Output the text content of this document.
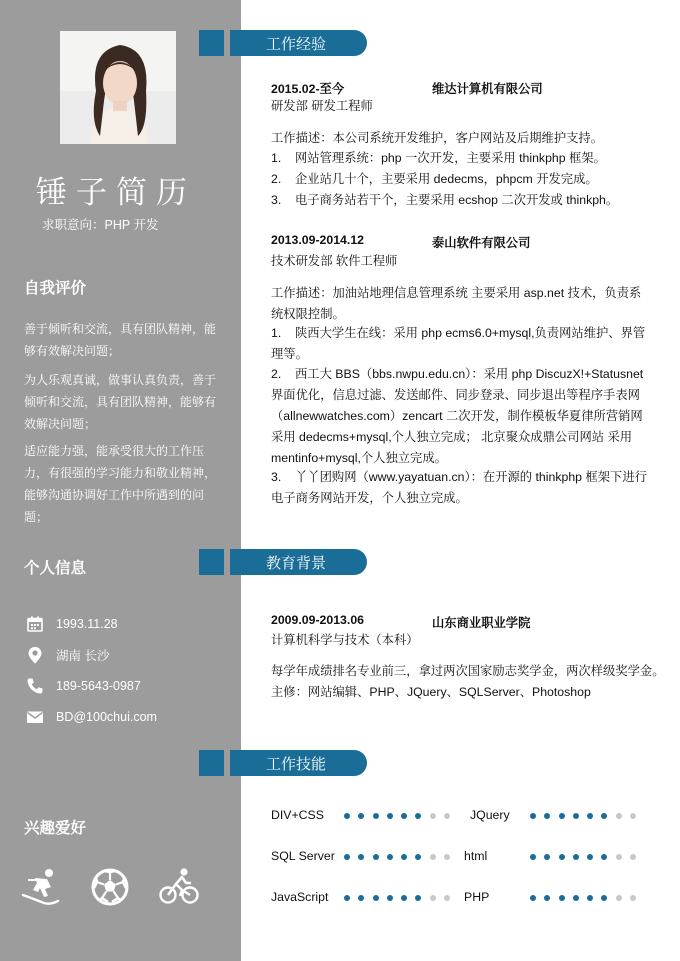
锤子简历
求职意向：PHP 开发
自我评价
善于倾听和交流，具有团队精神，能够有效解决问题；
为人乐观真诚，做事认真负责，善于倾听和交流，具有团队精神，能够有效解决问题；
适应能力强，能承受很大的工作压力，有很强的学习能力和敬业精神，能够沟通协调好工作中所遇到的问题；
个人信息
1993.11.28
湖南 长沙
189-5643-0987
BD@100chui.com
兴趣爱好
工作经验
2015.02-至今	维达计算机有限公司
研发部 研发工程师
工作描述：本公司系统开发维护，客户网站及后期维护支持。
1. 网站管理系统：php 一次开发，主要采用 thinkphp 框架。
2. 企业站几十个，主要采用 dedecms，phpcm 开发完成。
3. 电子商务站若干个，主要采用 ecshop 二次开发或 thinkph。
2013.09-2014.12	泰山软件有限公司
技术研发部 软件工程师
工作描述：加油站地理信息管理系统 主要采用 asp.net 技术，负责系统权限控制。
1. 陕西大学生在线：采用 php ecms6.0+mysql,负责网站维护、界管理等。
2. 西工大 BBS（bbs.nwpu.edu.cn）：采用 php DiscuzX!+Statusnet 界面优化，信息过滤、发送邮件、同步登录、同步退出等程序手表网（allnewwatches.com）zencart 二次开发，制作模板华夏律所营销网采用 dedecms+mysql,个人独立完成； 北京聚众成鼎公司网站 采用 mentinfo+mysql,个人独立完成。
3. 丫丫团购网（www.yayatuan.cn）：在开源的 thinkphp 框架下进行电子商务网站开发，个人独立完成。
教育背景
2009.09-2013.06	山东商业职业学院
计算机科学与技术（本科）
每学年成绩排名专业前三，拿过两次国家励志奖学金，两次样级奖学金。
主修：网站编辑、PHP、JQuery、SQLServer、Photoshop
工作技能
DIV+CSS	JQuery
SQL Server	html
JavaScript	PHP
